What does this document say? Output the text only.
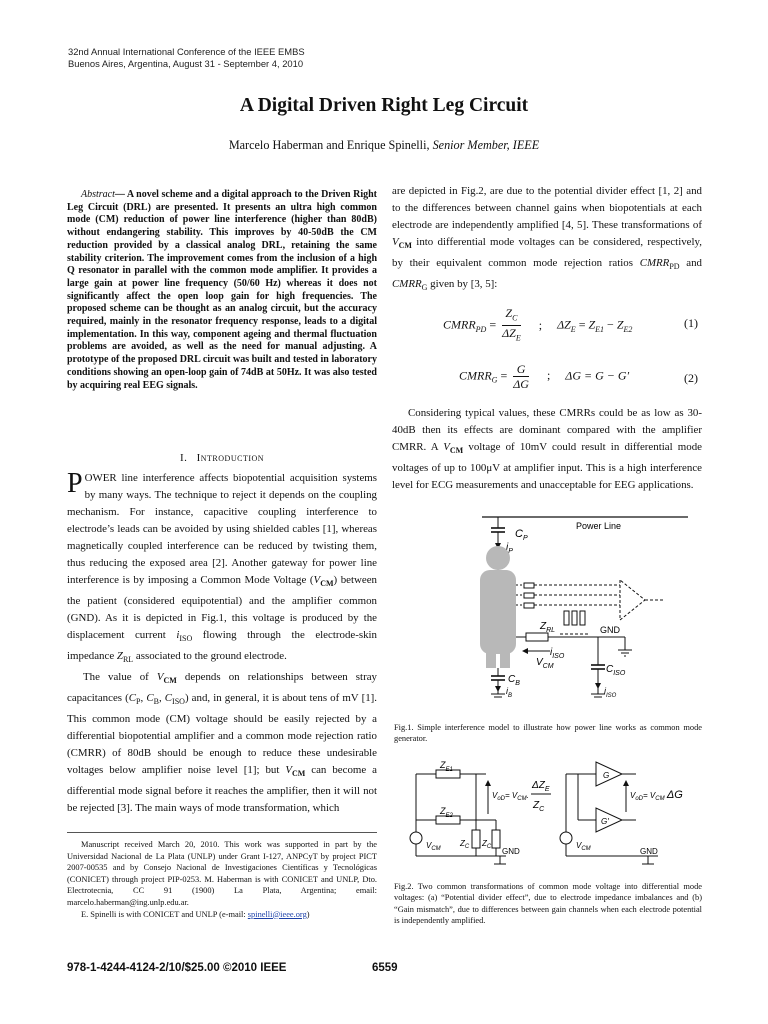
32nd Annual International Conference of the IEEE EMBS
Buenos Aires, Argentina, August 31 - September 4, 2010
A Digital Driven Right Leg Circuit
Marcelo Haberman and Enrique Spinelli, Senior Member, IEEE
Abstract— A novel scheme and a digital approach to the Driven Right Leg Circuit (DRL) are presented. It presents an ultra high common mode (CM) reduction of power line interference (higher than 80dB) without endangering stability. This improves by 40-50dB the CM reduction provided by a classical analog DRL, retaining the same stability criterion. The improvement comes from the inclusion of a high Q resonator in parallel with the common mode amplifier. It provides a large gain at power line frequency (50/60 Hz) whereas it does not significantly affect the open loop gain for high frequencies. The proposed scheme can be thought as an analog circuit, but the accuracy required, mainly in the resonator frequency response, leads to a digital implementation. In this way, component ageing and thermal fluctuation problems are avoided, as well as the need for manual adjusting. A prototype of the proposed DRL circuit was built and tested in laboratory conditions showing an open-loop gain of 74dB at 50Hz. It was also tested by acquiring real EEG signals.
I. Introduction

POWER line interference affects biopotential acquisition systems by many ways. The technique to reject it depends on the coupling mechanism. For instance, capacitive coupling interference to electrode’s leads can be avoided by using shielded cables [1], whereas magnetically coupled interference can be reduced by twisting them, thus reducing the exposed area [2]. Another gateway for power line interference is by imposing a Common Mode Voltage $(V_{CM})$ between the patient (considered equipotential) and the amplifier common (GND). As it is depicted in Fig.1, this voltage is produced by the displacement current $i_{ISO}$ flowing through the electrode-skin impedance $Z_{RL}$ associated to the ground electrode.

The value of $V_{CM}$ depends on relationships between stray capacitances ($C_P$, $C_B$, $C_{ISO}$) and, in general, it is about tens of mV [1]. This common mode (CM) voltage should be easily rejected by a differential biopotential amplifier and a common mode rejection ratio (CMRR) of 80dB should be enough to reduce these undesirable voltages below amplifier noise level [1]; but $V_{CM}$ can become a differential mode signal before it reaches the amplifier, then it will not be rejected [3]. The main ways of mode transformation, which

Manuscript received March 20, 2010. This work was supported in part by the Universidad Nacional de La Plata (UNLP) under Grant I-127, ANPCyT by project PICT 2007-00535 and by Consejo Nacional de Investigaciones Científicas y Tecnológicas (CONICET) through project PIP-0253. M. Haberman is with CONICET and UNLP, Dto. Electrotecnia, CC 91 (1900) La Plata, Argentina; email: marcelo.haberman@ing.unlp.edu.ar.

E. Spinelli is with CONICET and UNLP (e-mail: spinelli@ieee.org)

are depicted in Fig.2, are due to the potential divider effect [1, 2] and to the differences between channel gains when biopotentials at each electrode are independently amplified [4, 5]. These transformations of $V_{CM}$ into differential mode voltages can be considered, respectively, by their equivalent common mode rejection ratios $CMRR_{PD}$ and $CMRR_G$ given by [3, 5]:

$CMRR_{PD} = \frac{Z_C}{\Delta Z_E}$ ; $\Delta Z_E = Z_{E1} - Z_{E2}$	(1)
$CMRR_G = \frac{G}{\Delta G}$ ; ΔG = G − G′	(2)

Considering typical values, these CMRRs could be as low as 30-40dB then its effects are dominant compared with the amplifier CMRR. A $V_{CM}$ voltage of 10mV could result in differential mode voltages of up to 100μV at amplifier input. This is a high interference level for ECG measurements and unacceptable for EEG applications.

$C_P$
$i_P$
Power Line
$Z_{RL}$	GND
$i_{ISO}$
$V_{CM}$	$C_{ISO}$
$i_{ISO}$
$C_B$
$i_B$
Fig.1. Simple interference model to illustrate how power line works as common mode generator.
$Z_{E1}$
$Z_{E2}$
$V_{oD}= V_{CM}$.
$\Delta Z_E$
$Z_C$
$V_{CM}$
$Z_C$ $Z_C$ GND
G
G′
$V_{oD}= V_{CM}$ ΔG
$V_{CM}$	GND
Fig.2. Two common transformations of common mode voltage into differential mode voltages: (a) “Potential divider effect”, due to electrode impedance imbalances and (b) “Gain mismatch”, due to differences between gain channels when each electrode potential is independently amplified.
978-1-4244-4124-2/10/$25.00 ©2010 IEEE	6559
